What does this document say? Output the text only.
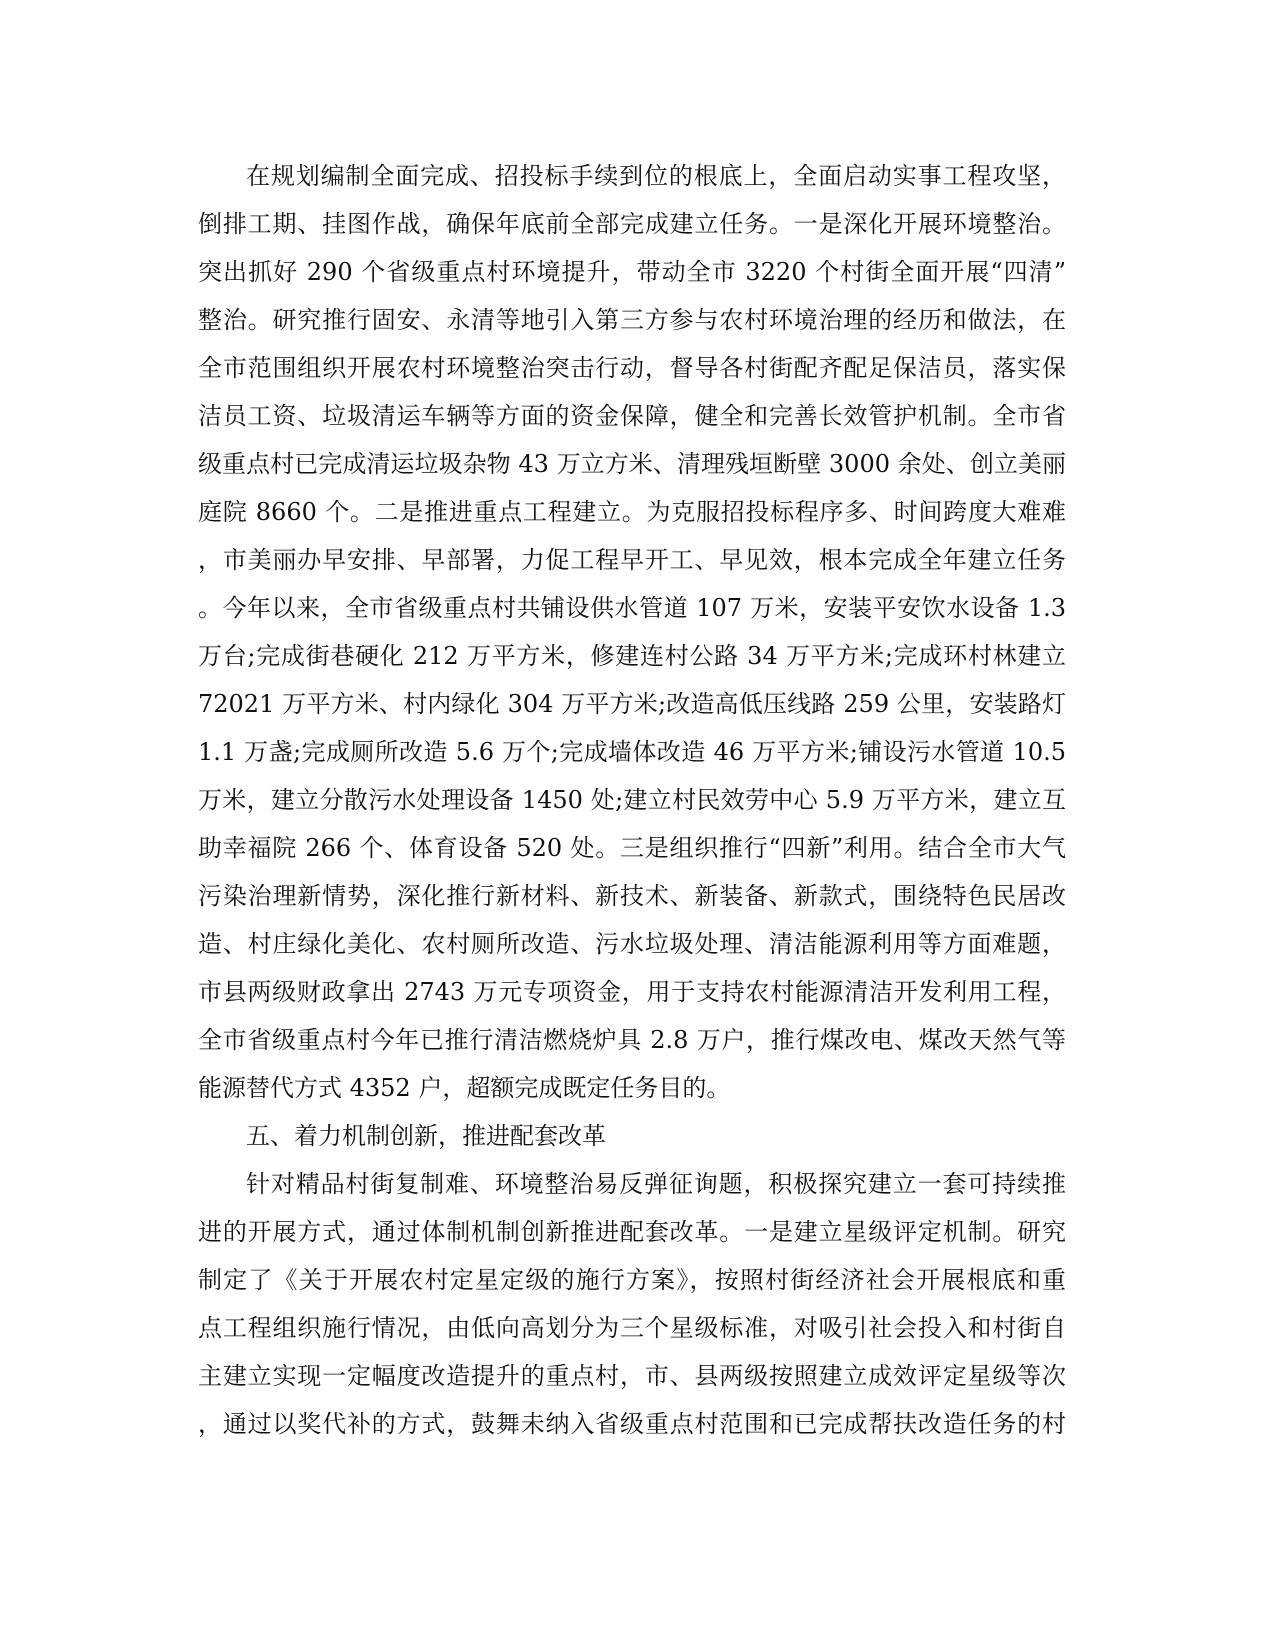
在规划编制全面完成、招投标手续到位的根底上，全面启动实事工程攻坚，
倒排工期、挂图作战，确保年底前全部完成建立任务。一是深化开展环境整治。
突出抓好 290 个省级重点村环境提升，带动全市 3220 个村街全面开展“四清”
整治。研究推行固安、永清等地引入第三方参与农村环境治理的经历和做法，在
全市范围组织开展农村环境整治突击行动，督导各村街配齐配足保洁员，落实保
洁员工资、垃圾清运车辆等方面的资金保障，健全和完善长效管护机制。全市省
级重点村已完成清运垃圾杂物 43 万立方米、清理残垣断壁 3000 余处、创立美丽
庭院 8660 个。二是推进重点工程建立。为克服招投标程序多、时间跨度大难难
，市美丽办早安排、早部署，力促工程早开工、早见效，根本完成全年建立任务
。今年以来，全市省级重点村共铺设供水管道 107 万米，安装平安饮水设备 1.3
万台;完成街巷硬化 212 万平方米，修建连村公路 34 万平方米;完成环村林建立
72021 万平方米、村内绿化 304 万平方米;改造高低压线路 259 公里，安装路灯
1.1 万盏;完成厕所改造 5.6 万个;完成墙体改造 46 万平方米;铺设污水管道 10.5
万米，建立分散污水处理设备 1450 处;建立村民效劳中心 5.9 万平方米，建立互
助幸福院 266 个、体育设备 520 处。三是组织推行“四新”利用。结合全市大气
污染治理新情势，深化推行新材料、新技术、新装备、新款式，围绕特色民居改
造、村庄绿化美化、农村厕所改造、污水垃圾处理、清洁能源利用等方面难题，
市县两级财政拿出 2743 万元专项资金，用于支持农村能源清洁开发利用工程，
全市省级重点村今年已推行清洁燃烧炉具 2.8 万户，推行煤改电、煤改天然气等
能源替代方式 4352 户，超额完成既定任务目的。
五、着力机制创新，推进配套改革
针对精品村街复制难、环境整治易反弹征询题，积极探究建立一套可持续推
进的开展方式，通过体制机制创新推进配套改革。一是建立星级评定机制。研究
制定了《关于开展农村定星定级的施行方案》，按照村街经济社会开展根底和重
点工程组织施行情况，由低向高划分为三个星级标准，对吸引社会投入和村街自
主建立实现一定幅度改造提升的重点村，市、县两级按照建立成效评定星级等次
，通过以奖代补的方式，鼓舞未纳入省级重点村范围和已完成帮扶改造任务的村
